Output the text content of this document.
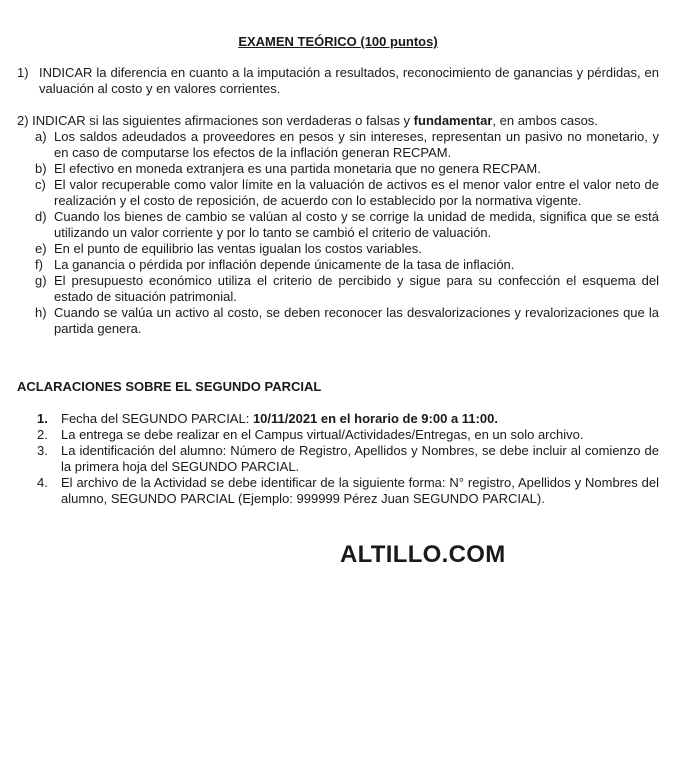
EXAMEN TEÓRICO (100 puntos)
1) INDICAR la diferencia en cuanto a la imputación a resultados, reconocimiento de ganancias y pérdidas, en valuación al costo y en valores corrientes.
2) INDICAR si las siguientes afirmaciones son verdaderas o falsas y fundamentar, en ambos casos.
a) Los saldos adeudados a proveedores en pesos y sin intereses, representan un pasivo no monetario, y en caso de computarse los efectos de la inflación generan RECPAM.
b) El efectivo en moneda extranjera es una partida monetaria que no genera RECPAM.
c) El valor recuperable como valor límite en la valuación de activos es el menor valor entre el valor neto de realización y el costo de reposición, de acuerdo con lo establecido por la normativa vigente.
d) Cuando los bienes de cambio se valúan al costo y se corrige la unidad de medida, significa que se está utilizando un valor corriente y por lo tanto se cambió el criterio de valuación.
e) En el punto de equilibrio las ventas igualan los costos variables.
f) La ganancia o pérdida por inflación depende únicamente de la tasa de inflación.
g) El presupuesto económico utiliza el criterio de percibido y sigue para su confección el esquema del estado de situación patrimonial.
h) Cuando se valúa un activo al costo, se deben reconocer las desvalorizaciones y revalorizaciones que la partida genera.
ACLARACIONES SOBRE EL SEGUNDO PARCIAL
1.	Fecha del SEGUNDO PARCIAL: 10/11/2021 en el horario de 9:00 a 11:00.
2.	La entrega se debe realizar en el Campus virtual/Actividades/Entregas, en un solo archivo.
3.	La identificación del alumno: Número de Registro, Apellidos y Nombres, se debe incluir al comienzo de la primera hoja del SEGUNDO PARCIAL.
4.	El archivo de la Actividad se debe identificar de la siguiente forma: N° registro, Apellidos y Nombres del alumno, SEGUNDO PARCIAL (Ejemplo: 999999 Pérez Juan SEGUNDO PARCIAL).
ALTILLO.COM
